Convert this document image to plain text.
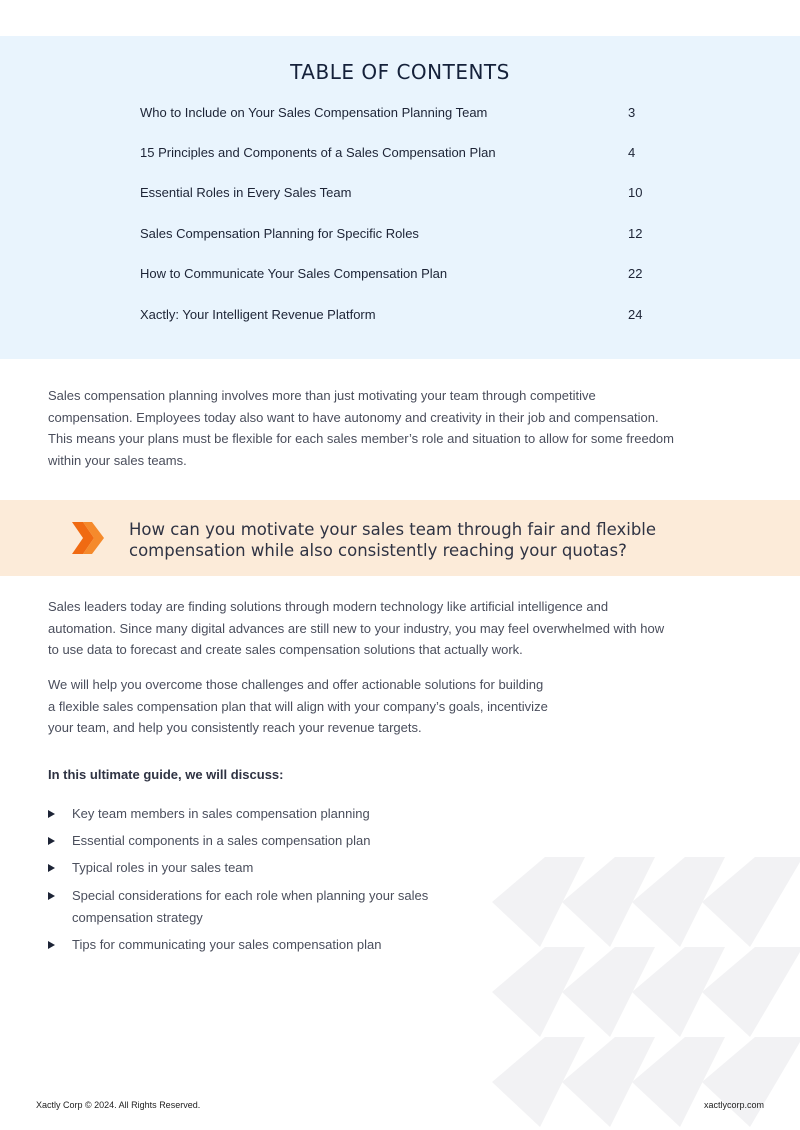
TABLE OF CONTENTS
Who to Include on Your Sales Compensation Planning Team	3
15 Principles and Components of a Sales Compensation Plan	4
Essential Roles in Every Sales Team	10
Sales Compensation Planning for Specific Roles	12
How to Communicate Your Sales Compensation Plan	22
Xactly: Your Intelligent Revenue Platform	24
Sales compensation planning involves more than just motivating your team through competitive
compensation. Employees today also want to have autonomy and creativity in their job and compensation.
This means your plans must be flexible for each sales member’s role and situation to allow for some freedom
within your sales teams.
How can you motivate your sales team through fair and flexible
compensation while also consistently reaching your quotas?
Sales leaders today are finding solutions through modern technology like artificial intelligence and
automation. Since many digital advances are still new to your industry, you may feel overwhelmed with how
to use data to forecast and create sales compensation solutions that actually work.
We will help you overcome those challenges and offer actionable solutions for building
a flexible sales compensation plan that will align with your company’s goals, incentivize
your team, and help you consistently reach your revenue targets.
In this ultimate guide, we will discuss:
Key team members in sales compensation planning
Essential components in a sales compensation plan
Typical roles in your sales team
Special considerations for each role when planning your sales
compensation strategy
Tips for communicating your sales compensation plan
Xactly Corp © 2024. All Rights Reserved.	xactlycorp.com
